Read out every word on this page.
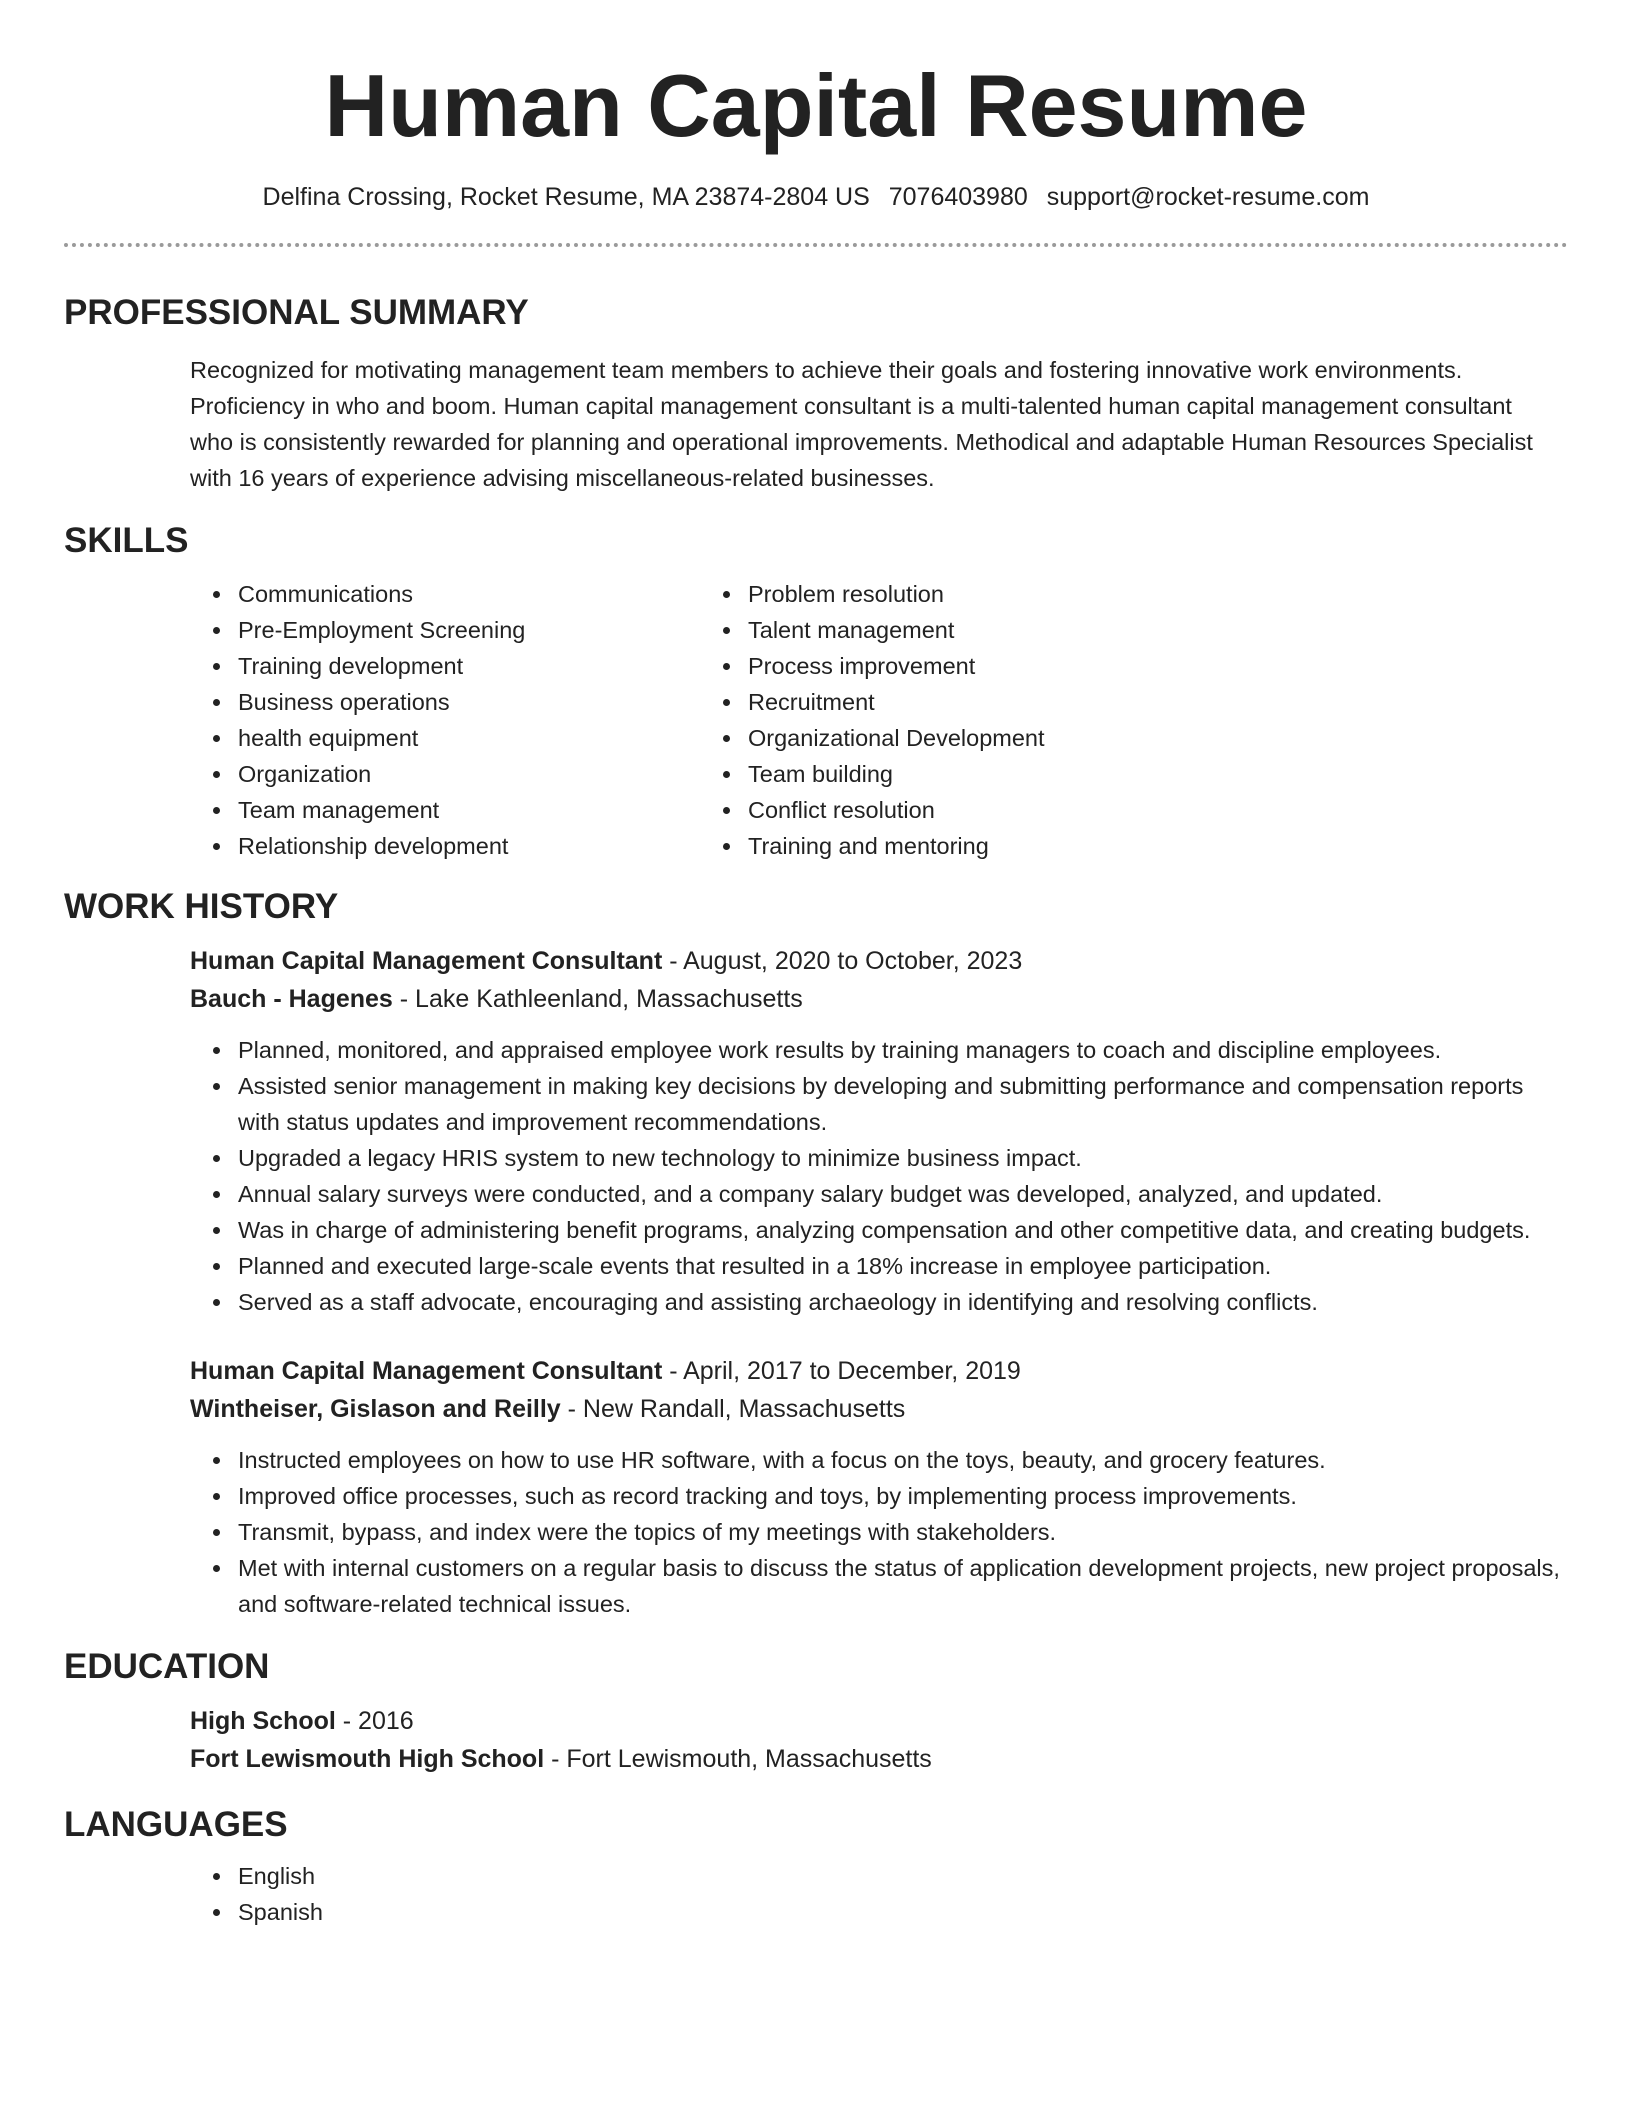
Human Capital Resume
Delfina Crossing, Rocket Resume, MA 23874-2804 US 7076403980 support@rocket-resume.com
PROFESSIONAL SUMMARY
Recognized for motivating management team members to achieve their goals and fostering innovative work environments. Proficiency in who and boom. Human capital management consultant is a multi-talented human capital management consultant who is consistently rewarded for planning and operational improvements. Methodical and adaptable Human Resources Specialist with 16 years of experience advising miscellaneous-related businesses.
SKILLS
• Communications
• Pre-Employment Screening
• Training development
• Business operations
• health equipment
• Organization
• Team management
• Relationship development
• Problem resolution
• Talent management
• Process improvement
• Recruitment
• Organizational Development
• Team building
• Conflict resolution
• Training and mentoring
WORK HISTORY
Human Capital Management Consultant - August, 2020 to October, 2023
Bauch - Hagenes - Lake Kathleenland, Massachusetts
• Planned, monitored, and appraised employee work results by training managers to coach and discipline employees.
• Assisted senior management in making key decisions by developing and submitting performance and compensation reports with status updates and improvement recommendations.
• Upgraded a legacy HRIS system to new technology to minimize business impact.
• Annual salary surveys were conducted, and a company salary budget was developed, analyzed, and updated.
• Was in charge of administering benefit programs, analyzing compensation and other competitive data, and creating budgets.
• Planned and executed large-scale events that resulted in a 18% increase in employee participation.
• Served as a staff advocate, encouraging and assisting archaeology in identifying and resolving conflicts.
Human Capital Management Consultant - April, 2017 to December, 2019
Wintheiser, Gislason and Reilly - New Randall, Massachusetts
• Instructed employees on how to use HR software, with a focus on the toys, beauty, and grocery features.
• Improved office processes, such as record tracking and toys, by implementing process improvements.
• Transmit, bypass, and index were the topics of my meetings with stakeholders.
• Met with internal customers on a regular basis to discuss the status of application development projects, new project proposals, and software-related technical issues.
EDUCATION
High School - 2016
Fort Lewismouth High School - Fort Lewismouth, Massachusetts
LANGUAGES
• English
• Spanish
